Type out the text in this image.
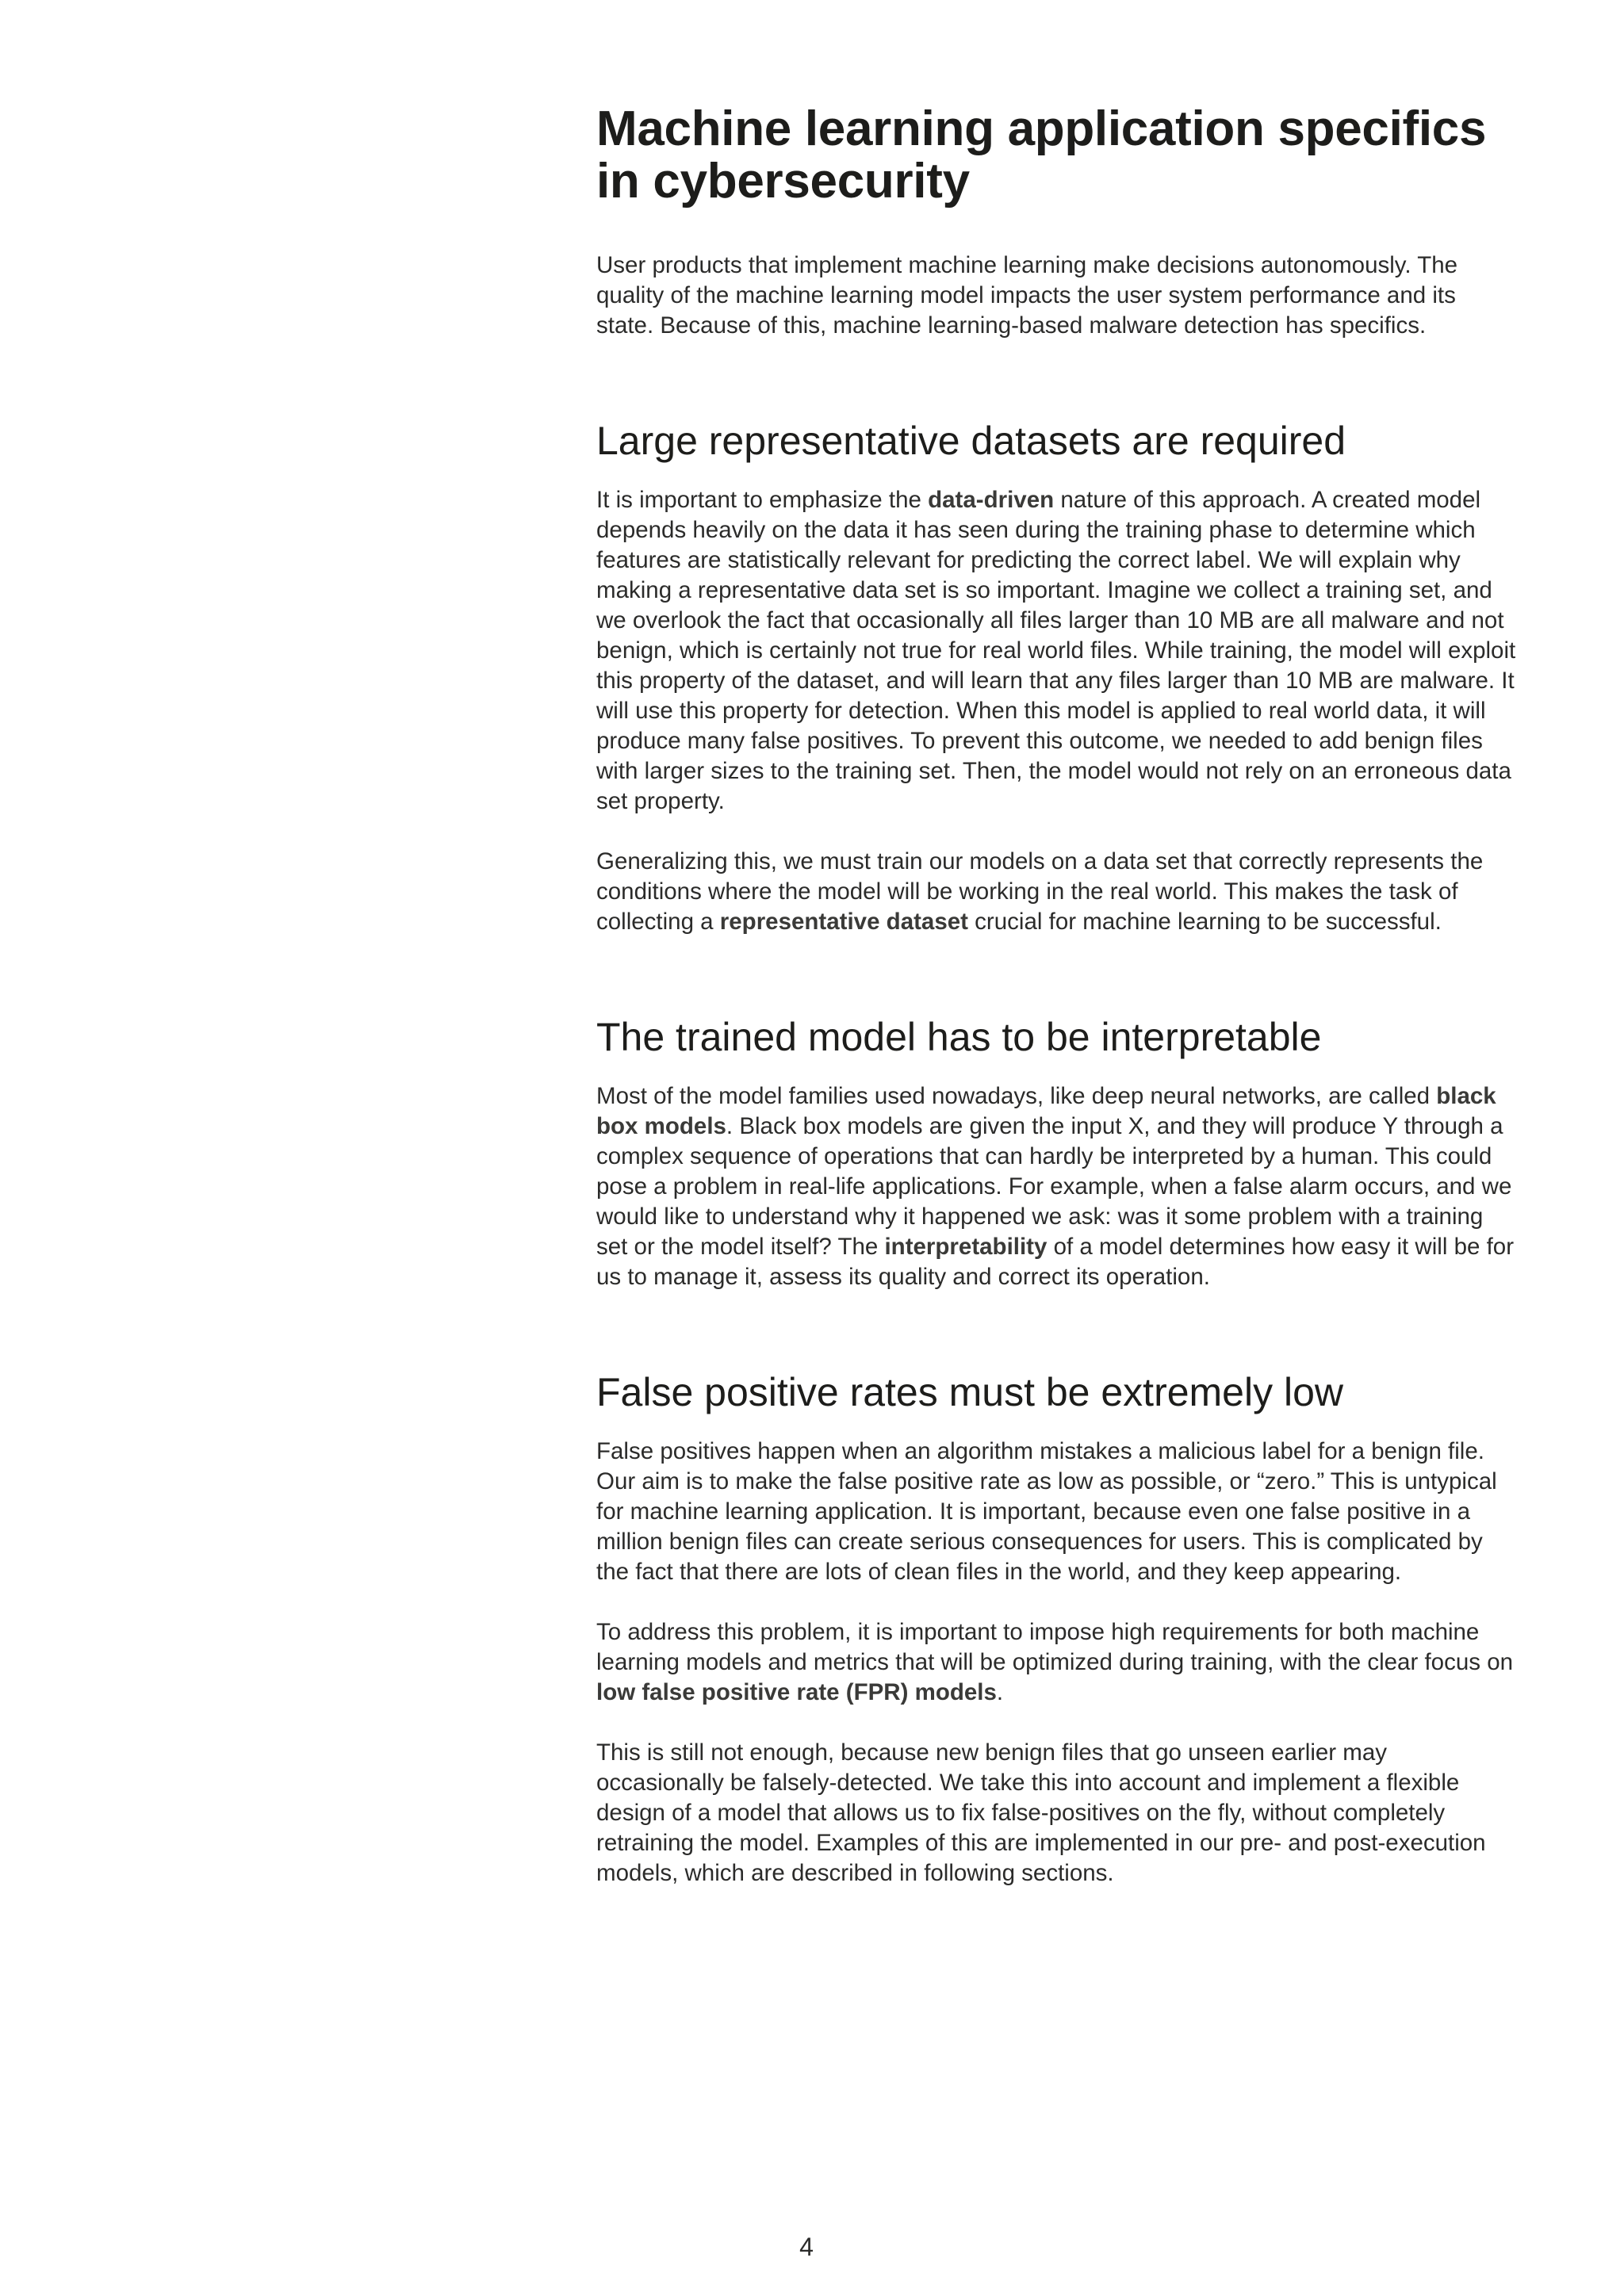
Machine learning application specifics in cybersecurity

User products that implement machine learning make decisions autonomously. The quality of the machine learning model impacts the user system performance and its state. Because of this, machine learning-based malware detection has specifics.

Large representative datasets are required

It is important to emphasize the data-driven nature of this approach. A created model depends heavily on the data it has seen during the training phase to determine which features are statistically relevant for predicting the correct label. We will explain why making a representative data set is so important. Imagine we collect a training set, and we overlook the fact that occasionally all files larger than 10 MB are all malware and not benign, which is certainly not true for real world files. While training, the model will exploit this property of the dataset, and will learn that any files larger than 10 MB are malware. It will use this property for detection. When this model is applied to real world data, it will produce many false positives. To prevent this outcome, we needed to add benign files with larger sizes to the training set. Then, the model would not rely on an erroneous data set property.

Generalizing this, we must train our models on a data set that correctly represents the conditions where the model will be working in the real world. This makes the task of collecting a representative dataset crucial for machine learning to be successful.

The trained model has to be interpretable

Most of the model families used nowadays, like deep neural networks, are called black box models. Black box models are given the input X, and they will produce Y through a complex sequence of operations that can hardly be interpreted by a human. This could pose a problem in real-life applications. For example, when a false alarm occurs, and we would like to understand why it happened we ask: was it some problem with a training set or the model itself? The interpretability of a model determines how easy it will be for us to manage it, assess its quality and correct its operation.

False positive rates must be extremely low

False positives happen when an algorithm mistakes a malicious label for a benign file. Our aim is to make the false positive rate as low as possible, or “zero.” This is untypical for machine learning application. It is important, because even one false positive in a million benign files can create serious consequences for users. This is complicated by the fact that there are lots of clean files in the world, and they keep appearing.

To address this problem, it is important to impose high requirements for both machine learning models and metrics that will be optimized during training, with the clear focus on low false positive rate (FPR) models.

This is still not enough, because new benign files that go unseen earlier may occasionally be falsely-detected. We take this into account and implement a flexible design of a model that allows us to fix false-positives on the fly, without completely retraining the model. Examples of this are implemented in our pre- and post-execution models, which are described in following sections.

4
